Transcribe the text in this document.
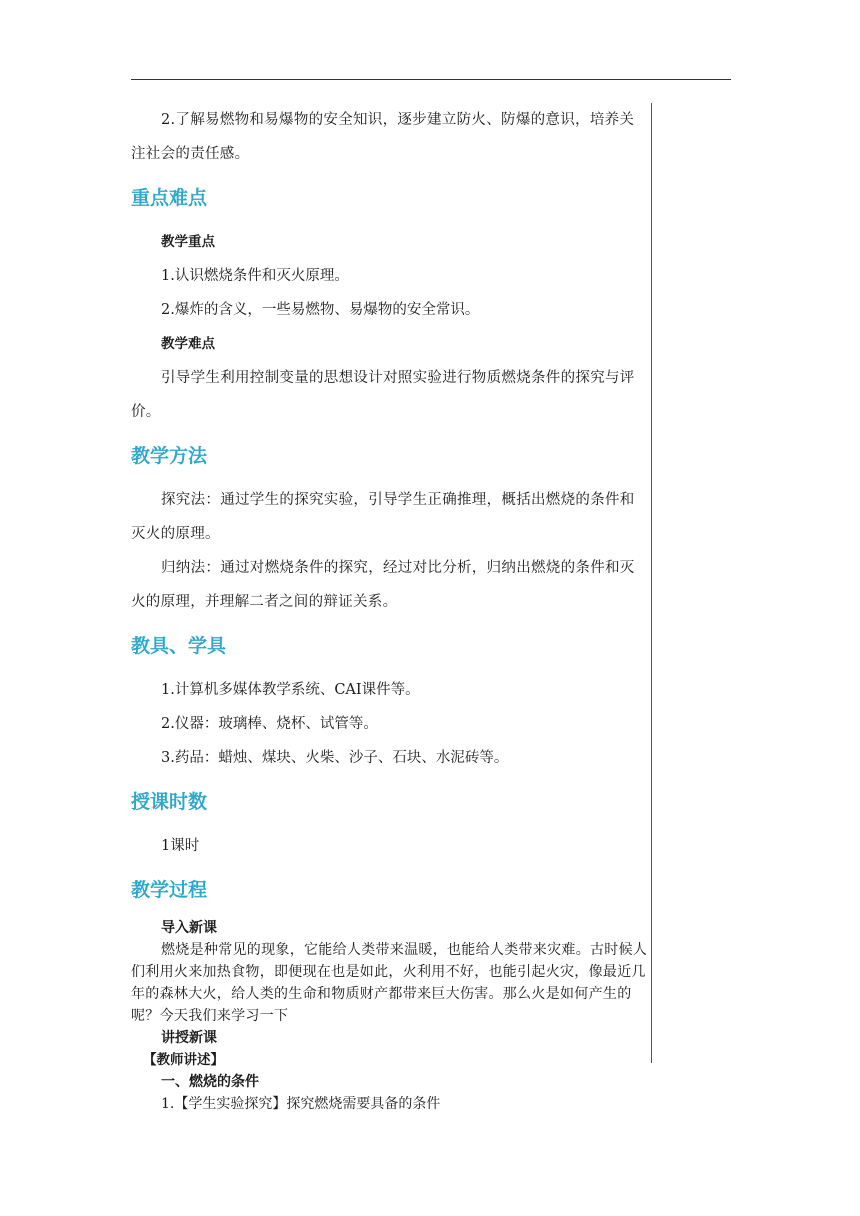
2.了解易燃物和易爆物的安全知识，逐步建立防火、防爆的意识，培养关注社会的责任感。

重点难点

教学重点

1.认识燃烧条件和灭火原理。

2.爆炸的含义，一些易燃物、易爆物的安全常识。

教学难点

引导学生利用控制变量的思想设计对照实验进行物质燃烧条件的探究与评价。

教学方法

探究法：通过学生的探究实验，引导学生正确推理，概括出燃烧的条件和灭火的原理。

归纳法：通过对燃烧条件的探究，经过对比分析，归纳出燃烧的条件和灭火的原理，并理解二者之间的辩证关系。

教具、学具

1.计算机多媒体教学系统、CAI课件等。

2.仪器：玻璃棒、烧杯、试管等。

3.药品：蜡烛、煤块、火柴、沙子、石块、水泥砖等。

授课时数

1课时

教学过程

导入新课

燃烧是种常见的现象，它能给人类带来温暖，也能给人类带来灾难。古时候人们利用火来加热食物，即便现在也是如此，火利用不好，也能引起火灾，像最近几年的森林大火，给人类的生命和物质财产都带来巨大伤害。那么火是如何产生的呢？今天我们来学习一下

讲授新课

【教师讲述】

一、燃烧的条件

1.【学生实验探究】探究燃烧需要具备的条件
